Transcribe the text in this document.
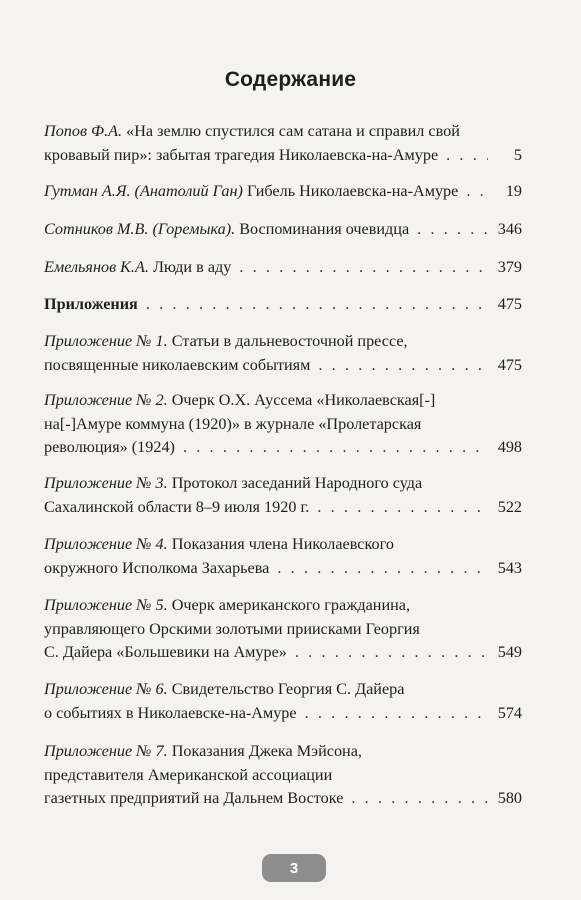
Содержание
Попов Ф.А.
«На землю спустился сам сатана и справил свой
кровавый пир»: забытая трагедия Николаевска-на-Амуре . . .	5
Гутман А.Я. (Анатолий Ган)
Гибель Николаевска-на-Амуре . . .	19
Сотников М.В. (Горемыка).
Воспоминания очевидца . . .	346
Емельянов К.А.
Люди в аду . . .	379
Приложения . . .	475
Приложение № 1.
Статьи в дальневосточной прессе,
посвященные николаевским событиям . . .	475
Приложение № 2.
Очерк О.Х. Ауссема «Николаевская[-]
на[-]Амуре коммуна (1920)» в журнале «Пролетарская
революция» (1924) . . .	498
Приложение № 3.
Протокол заседаний Народного суда
Сахалинской области 8–9 июля 1920 г. . . .	522
Приложение № 4.
Показания члена Николаевского
окружного Исполкома Захарьева . . .	543
Приложение № 5.
Очерк американского гражданина,
управляющего Орскими золотыми приисками Георгия
С. Дайера «Большевики на Амуре» . . .	549
Приложение № 6.
Свидетельство Георгия С. Дайера
о событиях в Николаевске-на-Амуре . . .	574
Приложение № 7.
Показания Джека Мэйсона,
представителя Американской ассоциации
газетных предприятий на Дальнем Востоке . . .	580
3
